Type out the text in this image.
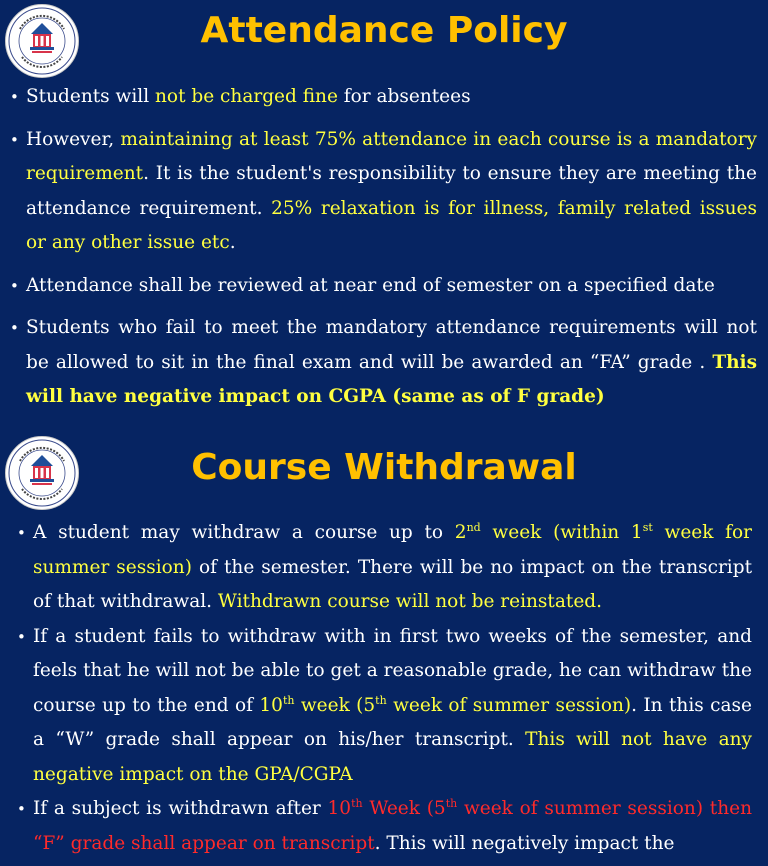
Attendance Policy
• Students will not be charged fine for absentees
• However, maintaining at least 75% attendance in each course is a mandatory requirement. It is the student's responsibility to ensure they are meeting the attendance requirement. 25% relaxation is for illness, family related issues or any other issue etc.
• Attendance shall be reviewed at near end of semester on a specified date
• Students who fail to meet the mandatory attendance requirements will not be allowed to sit in the final exam and will be awarded an “FA” grade . This will have negative impact on CGPA (same as of F grade)
Course Withdrawal
• A student may withdraw a course up to 2nd week (within 1st week for summer session) of the semester. There will be no impact on the transcript of that withdrawal. Withdrawn course will not be reinstated.
• If a student fails to withdraw with in first two weeks of the semester, and feels that he will not be able to get a reasonable grade, he can withdraw the course up to the end of 10th week (5th week of summer session). In this case a “W” grade shall appear on his/her transcript. This will not have any negative impact on the GPA/CGPA
• If a subject is withdrawn after 10th Week (5th week of summer session) then “F” grade shall appear on transcript. This will negatively impact the
